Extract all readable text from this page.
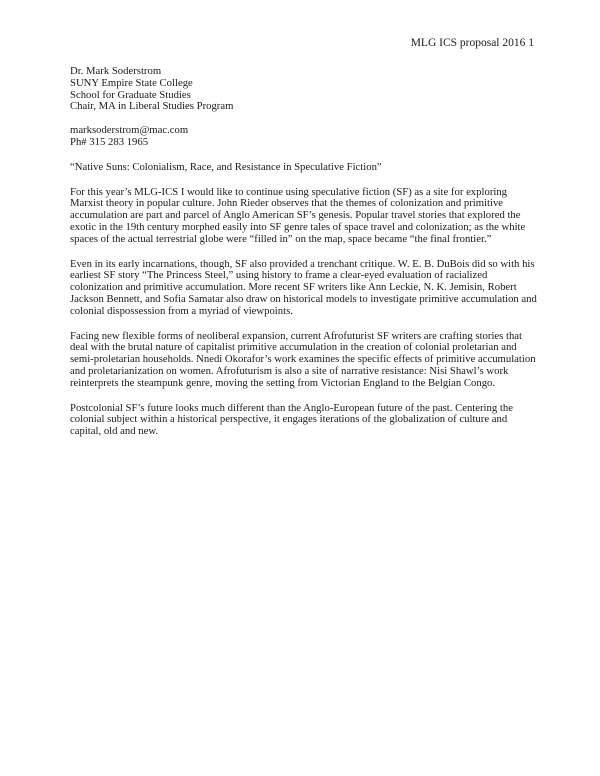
MLG ICS proposal 2016 1
Dr. Mark Soderstrom
SUNY Empire State College
School for Graduate Studies
Chair, MA in Liberal Studies Program
marksoderstrom@mac.com
Ph# 315 283 1965

“Native Suns: Colonialism, Race, and Resistance in Speculative Fiction”

For this year’s MLG-ICS I would like to continue using speculative fiction (SF) as a site for exploring Marxist theory in popular culture. John Rieder observes that the themes of colonization and primitive accumulation are part and parcel of Anglo American SF’s genesis. Popular travel stories that explored the exotic in the 19th century morphed easily into SF genre tales of space travel and colonization; as the white spaces of the actual terrestrial globe were “filled in” on the map, space became “the final frontier.”

Even in its early incarnations, though, SF also provided a trenchant critique. W. E. B. DuBois did so with his earliest SF story “The Princess Steel,” using history to frame a clear-eyed evaluation of racialized colonization and primitive accumulation. More recent SF writers like Ann Leckie, N. K. Jemisin, Robert Jackson Bennett, and Sofia Samatar also draw on historical models to investigate primitive accumulation and colonial dispossession from a myriad of viewpoints.

Facing new flexible forms of neoliberal expansion, current Afrofuturist SF writers are crafting stories that deal with the brutal nature of capitalist primitive accumulation in the creation of colonial proletarian and semi-proletarian households. Nnedi Okorafor’s work examines the specific effects of primitive accumulation and proletarianization on women. Afrofuturism is also a site of narrative resistance: Nisi Shawl’s work reinterprets the steampunk genre, moving the setting from Victorian England to the Belgian Congo.

Postcolonial SF’s future looks much different than the Anglo-European future of the past. Centering the colonial subject within a historical perspective, it engages iterations of the globalization of culture and capital, old and new.
